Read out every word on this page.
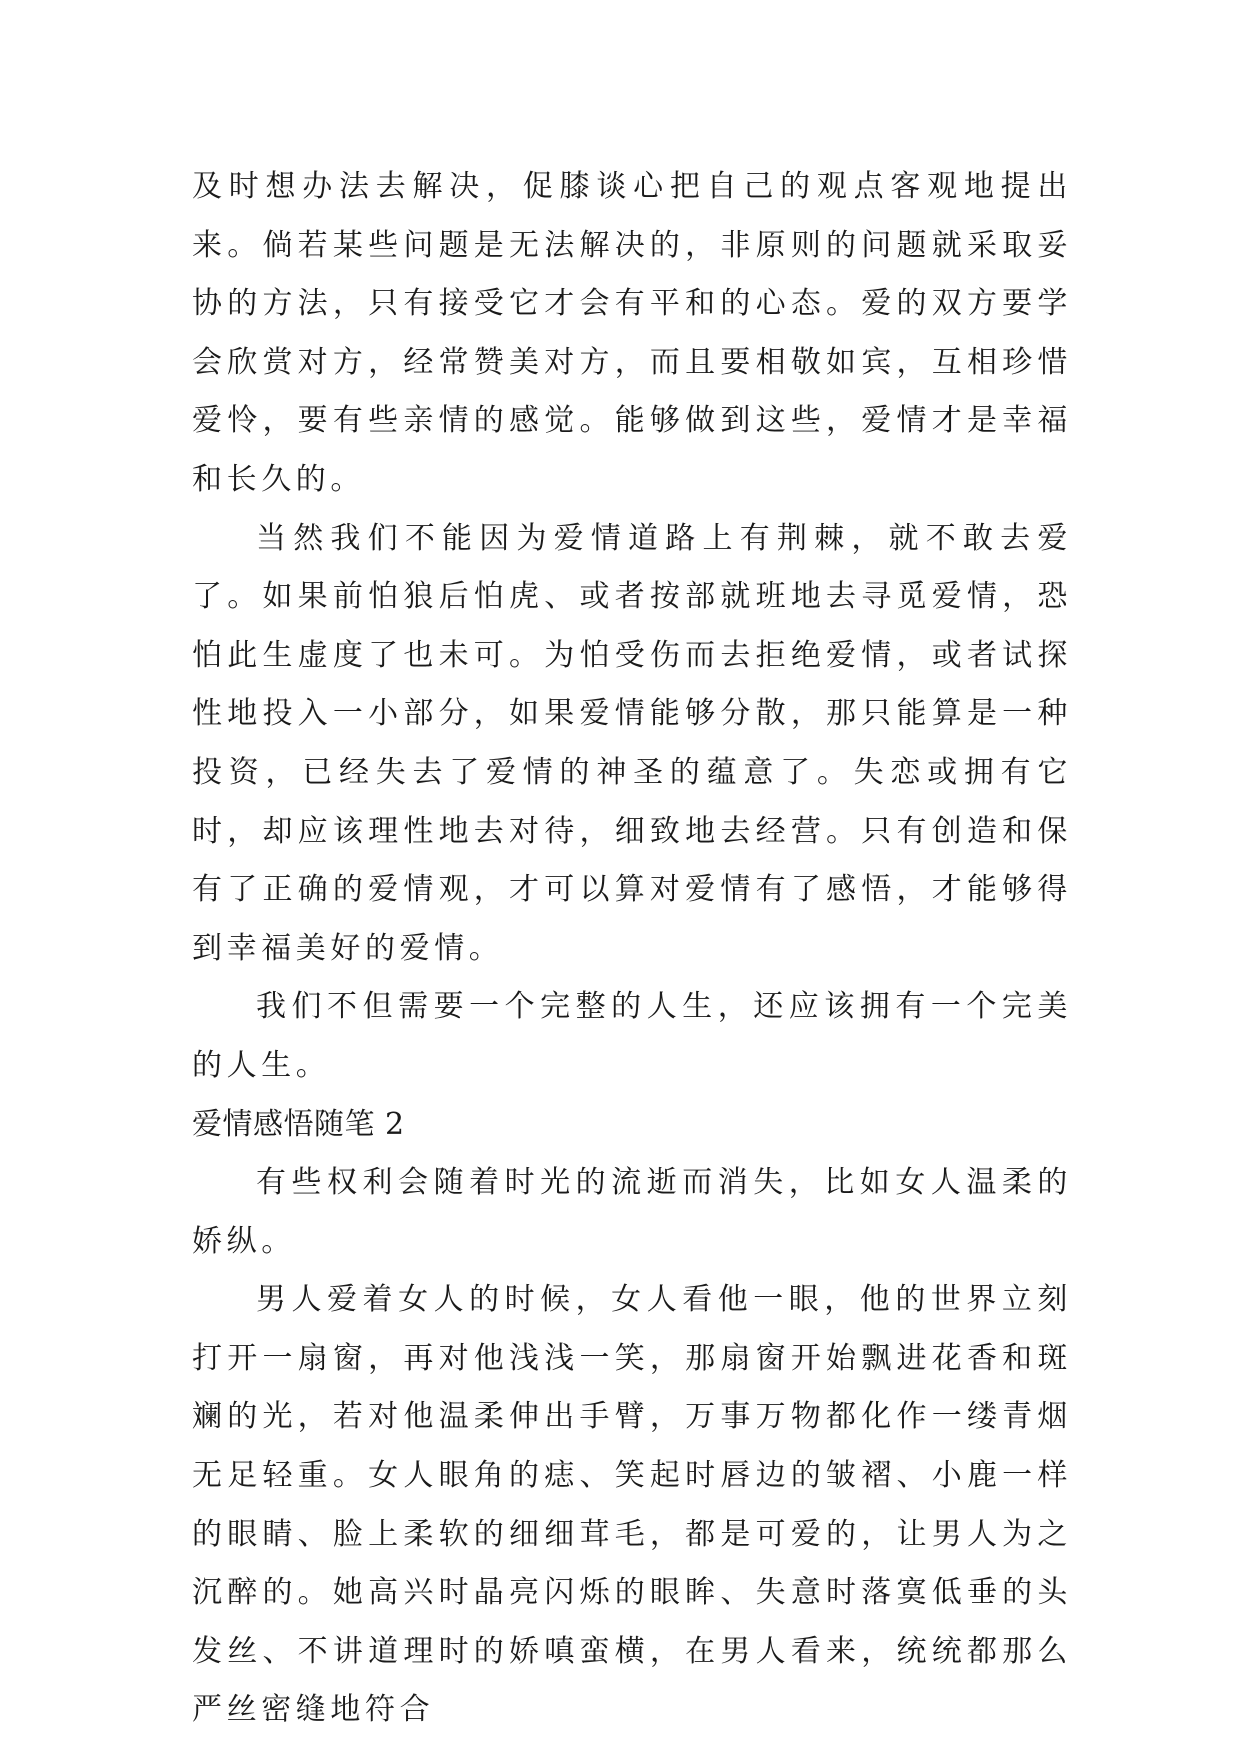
及时想办法去解决，促膝谈心把自己的观点客观地提出来。倘若某些问题是无法解决的，非原则的问题就采取妥协的方法，只有接受它才会有平和的心态。爱的双方要学会欣赏对方，经常赞美对方，而且要相敬如宾，互相珍惜爱怜，要有些亲情的感觉。能够做到这些，爱情才是幸福和长久的。

当然我们不能因为爱情道路上有荆棘，就不敢去爱了。如果前怕狼后怕虎、或者按部就班地去寻觅爱情，恐怕此生虚度了也未可。为怕受伤而去拒绝爱情，或者试探性地投入一小部分，如果爱情能够分散，那只能算是一种投资，已经失去了爱情的神圣的蕴意了。失恋或拥有它时，却应该理性地去对待，细致地去经营。只有创造和保有了正确的爱情观，才可以算对爱情有了感悟，才能够得到幸福美好的爱情。

我们不但需要一个完整的人生，还应该拥有一个完美的人生。

爱情感悟随笔 2

有些权利会随着时光的流逝而消失，比如女人温柔的娇纵。

男人爱着女人的时候，女人看他一眼，他的世界立刻打开一扇窗，再对他浅浅一笑，那扇窗开始飘进花香和斑斓的光，若对他温柔伸出手臂，万事万物都化作一缕青烟无足轻重。女人眼角的痣、笑起时唇边的皱褶、小鹿一样的眼睛、脸上柔软的细细茸毛，都是可爱的，让男人为之沉醉的。她高兴时晶亮闪烁的眼眸、失意时落寞低垂的头发丝、不讲道理时的娇嗔蛮横，在男人看来，统统都那么严丝密缝地符合
